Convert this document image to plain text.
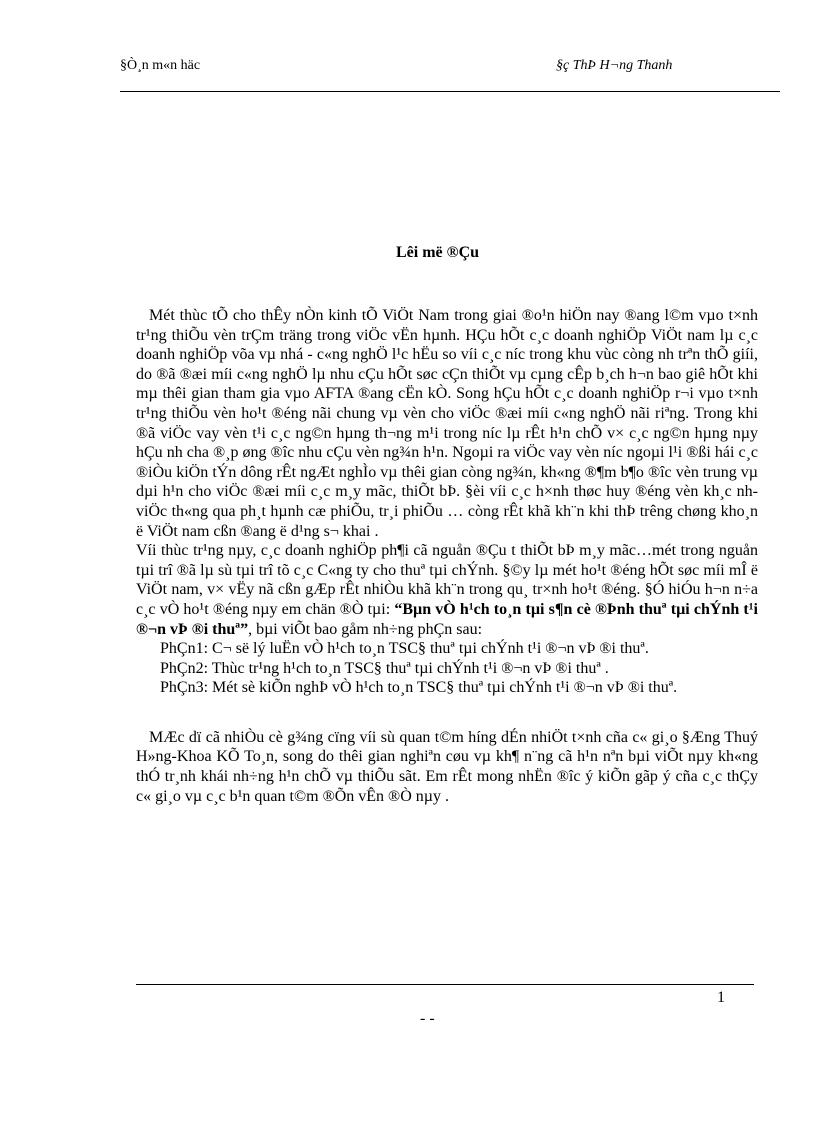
§Ò¸n m«n häc	§ç ThÞ H¬ng Thanh
Lêi më ®Çu

Mét thùc tÕ cho thÊy nÒn kinh tÕ ViÖt Nam trong giai ®o¹n hiÖn nay ®ang l©m vµo t×nh tr¹ng thiÕu vèn trÇm träng trong viÖc vËn hµnh. HÇu hÕt c¸c doanh nghiÖp ViÖt nam lµ c¸c doanh nghiÖp võa vµ nhá - c«ng nghÖ l¹c hËu so víi c¸c níc trong khu vùc còng nh trªn thÕ giíi, do ®ã ®æi míi c«ng nghÖ lµ nhu cÇu hÕt søc cÇn thiÕt vµ cµng cÊp b¸ch h¬n bao giê hÕt khi mµ thêi gian tham gia vµo AFTA ®ang cËn kÒ. Song hÇu hÕt c¸c doanh nghiÖp r¬i vµo t×nh tr¹ng thiÕu vèn ho¹t ®éng nãi chung vµ vèn cho viÖc ®æi míi c«ng nghÖ nãi riªng. Trong khi ®ã viÖc vay vèn t¹i c¸c ng©n hµng th¬ng m¹i trong níc lµ rÊt h¹n chÕ v× c¸c ng©n hµng nµy hÇu nh cha ®¸p øng ®îc nhu cÇu vèn ng¾n h¹n. Ngoµi ra viÖc vay vèn níc ngoµi l¹i ®ßi hái c¸c ®iÒu kiÖn tÝn dông rÊt ngÆt nghÌo vµ thêi gian còng ng¾n, kh«ng ®¶m b¶o ®îc vèn trung vµ dµi h¹n cho viÖc ®æi míi c¸c m¸y mãc, thiÕt bÞ. §èi víi c¸c h×nh thøc huy ®éng vèn kh¸c nh viÖc th«ng qua ph¸t hµnh cæ phiÕu, tr¸i phiÕu … còng rÊt khã kh¨n khi thÞ trêng chøng kho¸n ë ViÖt nam cßn ®ang ë d¹ng s¬ khai .

Víi thùc tr¹ng nµy, c¸c doanh nghiÖp ph¶i cã nguån ®Çu t thiÕt bÞ m¸y mãc…mét trong nguån tµi trî ®ã lµ sù tµi trî tõ c¸c C«ng ty cho thuª tµi chÝnh. §©y lµ mét ho¹t ®éng hÕt søc míi mÎ ë ViÖt nam, v× vËy nã cßn gÆp rÊt nhiÒu khã kh¨n trong qu¸ tr×nh ho¹t ®éng. §Ó hiÓu h¬n n÷a c¸c vÒ ho¹t ®éng nµy em chän ®Ò tµi: “Bµn vÒ h¹ch to¸n tµi s¶n cè ®Þnh thuª tµi chÝnh t¹i ®¬n vÞ ®i thuª”, bµi viÕt bao gåm nh÷ng phÇn sau:

PhÇn1: C¬ së lý luËn vÒ h¹ch to¸n TSC§ thuª tµi chÝnh t¹i ®¬n vÞ ®i thuª.

PhÇn2: Thùc tr¹ng h¹ch to¸n TSC§ thuª tµi chÝnh t¹i ®¬n vÞ ®i thuª .

PhÇn3: Mét sè kiÕn nghÞ vÒ h¹ch to¸n TSC§ thuª tµi chÝnh t¹i ®¬n vÞ ®i thuª.

MÆc dï cã nhiÒu cè g¾ng cïng víi sù quan t©m híng dÉn nhiÖt t×nh cña c« gi¸o §Æng Thuý H»ng-Khoa KÕ To¸n, song do thêi gian nghiªn cøu vµ kh¶ n¨ng cã h¹n nªn bµi viÕt nµy kh«ng thÓ tr¸nh khái nh÷ng h¹n chÕ vµ thiÕu sãt. Em rÊt mong nhËn ®îc ý kiÕn gãp ý cña c¸c thÇy c« gi¸o vµ c¸c b¹n quan t©m ®Õn vÊn ®Ò nµy .

1
- -
